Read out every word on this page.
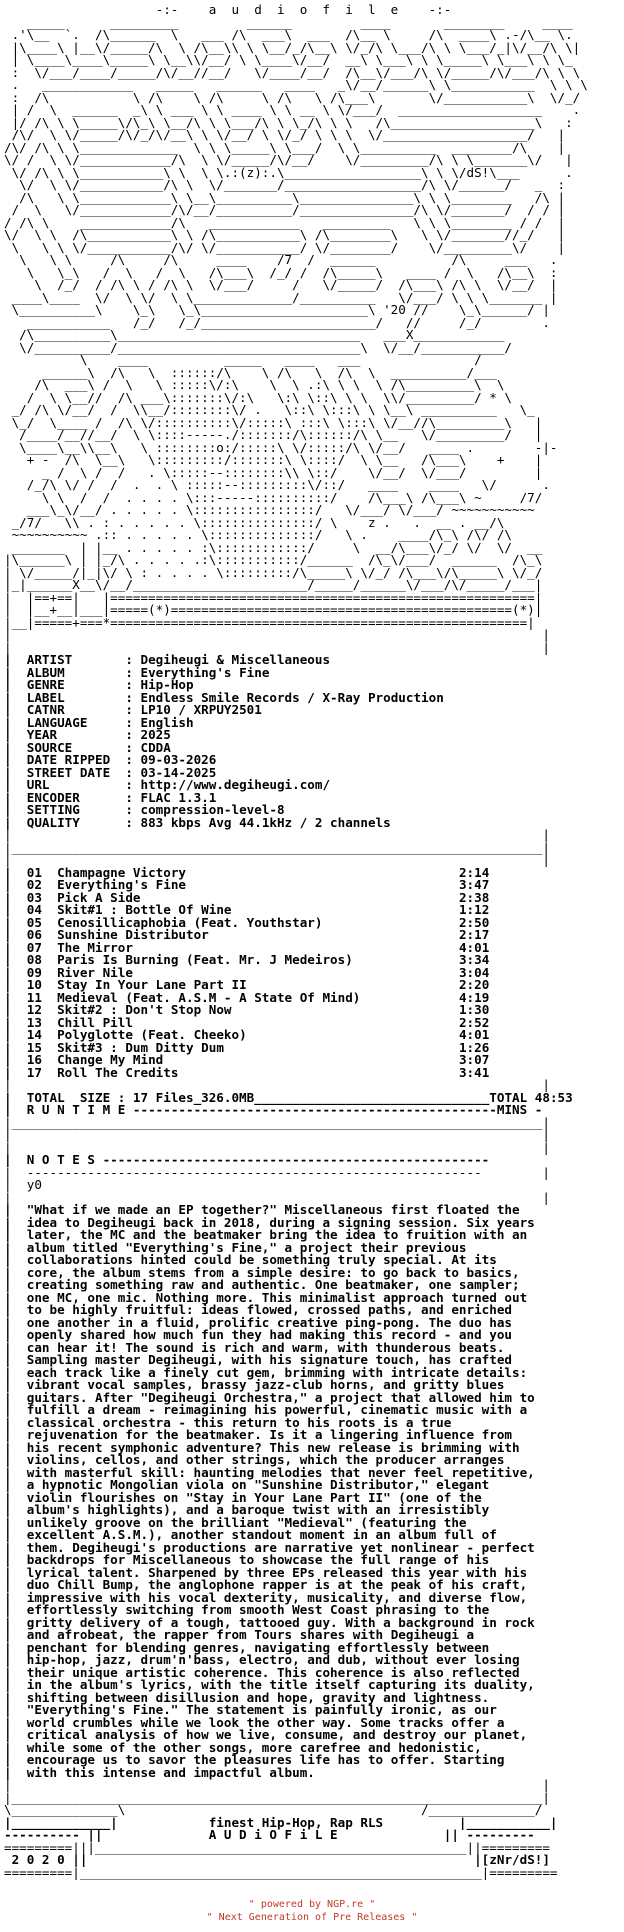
-:-    a  u  d  i  o  f  i  l  e    -:-
_____      _________         ______         ____       ________     ____
.'\__  `.  /\______  \   ___ /\  ___\  ___  /\__ \     /\  ____\ .-/\__ \.
|\____\ |__\/_____/\  \ /\__\\ \ \__/_/\__\ \/_/\ \___/\ \ \___/_|\/__/\ \|
| \____\____\_____\ \__\\/__/ \ \____\/__/  __\ \___\ \ \_____\ \___\ \ \_
:  \/___/____/_____/\/__//__/   \/____/__/  /\__\/___/\ \/_____/\/___/\ \ \
.   ____________   _____   ______   ____   _\/__/______\ \___________  \ \ \
:  /\           \ /\    \ /\     \ /\   \ /\___\       \/___________\  \/_/
| /  \  ______  _\ \ ___ \ \ ____ \ \ __ \ \/___/  ___________________    .
|/ /\ \ \_____\/\_\ \__/\ \ \___/\ \ \_/\ \ \   /\___________________\   :
/\/  \ \/_____/\/_/\/__\ \ \/__/ \ \/_/ \ \ \  \/___________________/   |
/\/ /\ \ \_____________  \ \ \_____\ \___/  \ \__________  ________/\    |
\/ /  \ \/____________/\  \ \/_____/\/__/    \/_________/\ \ \_______\/   |
\/ /\ \ \___________\ \  \ \.:(z):.\__________________\ \ \/dS!\___      .
\/  \ \/___________/\ \  \/_______/__________________/\ \/______/   _  :
/\   \ \____________\ \__\__________\_______________\ \ \________   /\ |
/  \   \/____________/\/__/__________/_______________/\ \/_______/  / / |
/ /\ \    ____________/\   ____________   _________   \ \ \________ / /  |
\/  \ \  /\___________\ \ /\___________\ /\________\   \ \/_______//_/   |
\   \ \ \/___________/\/ \/___________/ \/________/    \/_________\/    |
\   \ \     /\     /\     ____    /7  /  ______          /\     ___   .
\   \_\   /  \   /  \   /\___\  /_/ /  /\_____\   ____ /  \   /\__\  :
\  /_/  / /\ \ / /\ \  \/___/     /   \/_____/  /\___\ /\ \  \/__/  |
____\____  \/  \ \/  \ \_____________/__________   \/___/ \ \ \_______ |
\__________\    \_\   \_\______________________\ '20 //    \_\______/ |
___________   /_/   /_/_______________________/   //     /_/        .
/\__________\________________________________   ___X____________
\/__________/________________________________\  \/__/___________/
\    ____          _____   ____   ___               /
______\  /\   \  ::::::/\    \ /\   \  /\  \  __________/___
/\  ___\ /  \   \ :::::\/:\    \  \ .:\ \ \  \ /\_________\  \
/  \ \__//  /\ ___\:::::::\/:\   \:\ \::\ \ \  \\/_________/ * \
_/ /\ \/__/  /  \\__/::::::::\/ .   \::\ \:::\ \ \__\ __________   \_
\_/  \____ /  /\ \/::::::::::\/:::::\ :::\ \:::\ \/__//\_________\   |
/____/__//__/  \ \::::-----./:::::::/\::::::/\ \__   \/_________/   |
\____\__\\__\   \ ::::::::o:/:::::\ \/:::::/\ \/__/   ____ .        -|-
+ -  /\  \__\   \:::::::::/:::::::\ \::::/  \ \__   /\___\    +    |
_ /  \ /  /   . \:::::--::::::::\\ \::/    \/__/  \/___/         |
/_/\ \/ /  /  .  . \ :::::--:::::::::\/::/   ____    ____   \/      .
\ \  /  /  . . . . \:::-----::::::::::/    /\___\ /\___\ ~     /7/
___\_\/__/ . . . . . \::::::::::::::::/   \/___/ \/___/ ~~~~~~~~~~~
_/7/   \\ . : . . . . . \:::::::::::::::/ \    z .   .  __ . __/\
~~~~~~~~~~ .:: . . . . . \::::::::::::::/   \ .    ____/\_\ /\/ /\
_______  | |__ . . . . . :\::::::::::::/     \  __/\___\/_/ \/  \/  __
|\______\ | |_/\ . . . . .:\:::::::::::/______  /\_\/___/  ______  /\_\
| \/_____/|_|\/ \ : . . . . \:::::::::/\_____\ \/_/ /\___\/\_____\ \/_/
|_|______X__\/__/_______________________/_____/______\/___/\/_____/___|
|  |==+==|   |========================================================|
|  |__+__|___|=====(*)=============================================(*)|
|__|=====+===*=======================================================|
|                                                                      |
|                                                                      |
|  ARTIST       : Degiheugi & Miscellaneous
|  ALBUM        : Everything's Fine
|  GENRE        : Hip-Hop
|  LABEL        : Endless Smile Records / X-Ray Production
|  CATNR        : LP10 / XRPUY2501
|  LANGUAGE     : English
|  YEAR         : 2025
|  SOURCE       : CDDA
|  DATE RIPPED  : 09-03-2026
|  STREET DATE  : 03-14-2025
|  URL          : http://www.degiheugi.com/
|  ENCODER      : FLAC 1.3.1
|  SETTING      : compression-level-8
|  QUALITY      : 883 kbps Avg 44.1kHz / 2 channels
|                                                                      |
|______________________________________________________________________|
|                                                                      |
|  01 Champagne Victory                                    2:14
|  02 Everything's Fine                                    3:47
|  03 Pick A Side                                          2:38
|  04 Skit#1 : Bottle Of Wine                              1:12
|  05 Cenosillicaphobia (Feat. Youthstar)                  2:50
|  06 Sunshine Distributor                                 2:17
|  07 The Mirror                                           4:01
|  08 Paris Is Burning (Feat. Mr. J Medeiros)              3:34
|  09 River Nile                                           3:04
|  10 Stay In Your Lane Part II                            2:20
|  11 Medieval (Feat. A.S.M - A State Of Mind)             4:19
|  12 Skit#2 : Don't Stop Now                              1:30
|  13 Chill Pill                                           2:52
|  14 Polyglotte (Feat. Cheeko)                            4:01
|  15 Skit#3 : Dum Ditty Dum                               1:26
|  16 Change My Mind                                       3:07
|  17 Roll The Credits                                     3:41
|                                                                      |
|  TOTAL  SIZE : 17 Files_326.0MB_______________________________TOTAL 48:53
|  R U N T I M E ------------------------------------------------MINS -
|______________________________________________________________________|
|                                                                      |
|                                                                      |
|  N O T E S ---------------------------------------------------
|  ------------------------------------------------------------        |
|  y0
|                                                                      |
|  "What if we made an EP together?" Miscellaneous first floated the
|  idea to Degiheugi back in 2018, during a signing session. Six years
|  later, the MC and the beatmaker bring the idea to fruition with an
|  album titled "Everything's Fine," a project their previous
|  collaborations hinted could be something truly special. At its
|  core, the album stems from a simple desire: to go back to basics,
|  creating something raw and authentic. One beatmaker, one sampler;
|  one MC, one mic. Nothing more. This minimalist approach turned out
|  to be highly fruitful: ideas flowed, crossed paths, and enriched
|  one another in a fluid, prolific creative ping-pong. The duo has
|  openly shared how much fun they had making this record - and you
|  can hear it! The sound is rich and warm, with thunderous beats.
|  Sampling master Degiheugi, with his signature touch, has crafted
|  each track like a finely cut gem, brimming with intricate details:
|  vibrant vocal samples, brassy jazz-club horns, and gritty blues
|  guitars. After "Degiheugi Orchestra," a project that allowed him to
|  fulfill a dream - reimagining his powerful, cinematic music with a
|  classical orchestra - this return to his roots is a true
|  rejuvenation for the beatmaker. Is it a lingering influence from
|  his recent symphonic adventure? This new release is brimming with
|  violins, cellos, and other strings, which the producer arranges
|  with masterful skill: haunting melodies that never feel repetitive,
|  a hypnotic Mongolian viola on "Sunshine Distributor," elegant
|  violin flourishes on "Stay in Your Lane Part II" (one of the
|  album's highlights), and a baroque twist with an irresistibly
|  unlikely groove on the brilliant "Medieval" (featuring the
|  excellent A.S.M.), another standout moment in an album full of
|  them. Degiheugi's productions are narrative yet nonlinear - perfect
|  backdrops for Miscellaneous to showcase the full range of his
|  lyrical talent. Sharpened by three EPs released this year with his
|  duo Chill Bump, the anglophone rapper is at the peak of his craft,
|  impressive with his vocal dexterity, musicality, and diverse flow,
|  effortlessly switching from smooth West Coast phrasing to the
|  gritty delivery of a tough, tattooed guy. With a background in rock
|  and afrobeat, the rapper from Tours shares with Degiheugi a
|  penchant for blending genres, navigating effortlessly between
|  hip-hop, jazz, drum'n'bass, electro, and dub, without ever losing
|  their unique artistic coherence. This coherence is also reflected
|  in the album's lyrics, with the title itself capturing its duality,
|  shifting between disillusion and hope, gravity and lightness.
|  "Everything's Fine." The statement is painfully ironic, as our
|  world crumbles while we look the other way. Some tracks offer a
|  critical analysis of how we live, consume, and destroy our planet,
|  while some of the other songs, more carefree and hedonistic,
|  encourage us to savor the pleasures life has to offer. Starting
|  with this intense and impactful album.
|                                                                      |
|______________________________________________________________________|
\______________\                                       /______________/
|_____________|            finest Hip-Hop, Rap RLS          |___________|
---------- ||              A U D i O F i L E              || ---------
=========|||_________________________________________________||=========
2 0 2 0 ||                                                   |[zNr/dS!]
=========|_____________________________________________________|=========
" powered by NGP.re "
" Next Generation of Pre Releases "
